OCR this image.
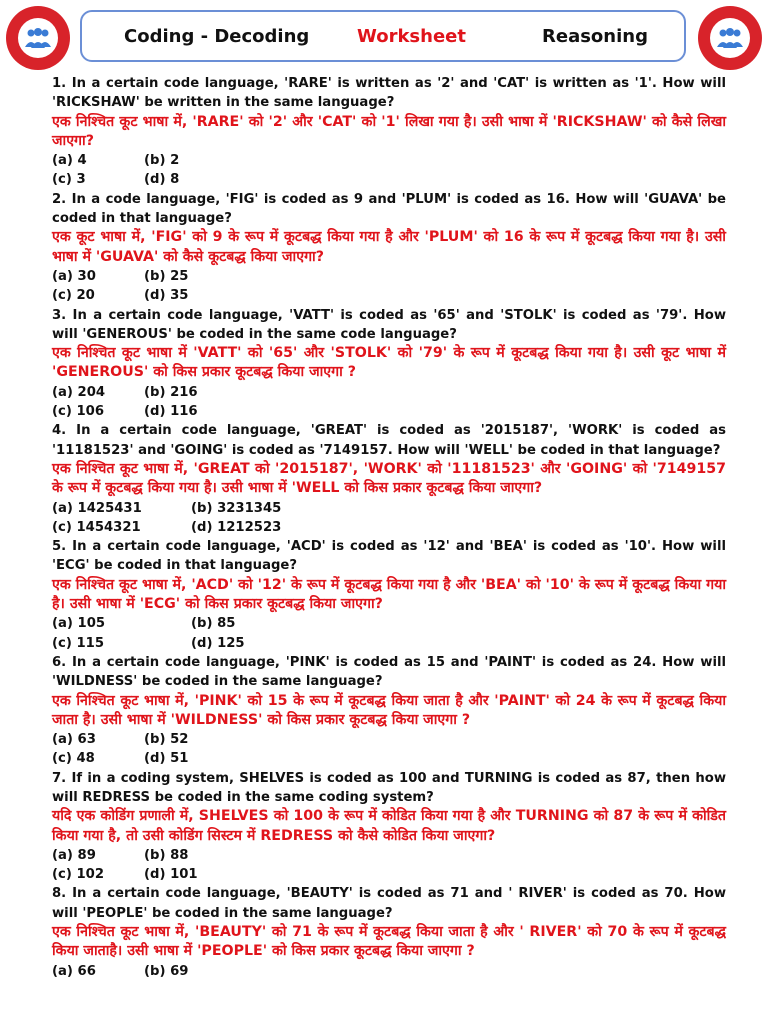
Coding - Decoding	Worksheet	Reasoning

1. In a certain code language, 'RARE' is written as '2' and 'CAT' is written as '1'. How will 'RICKSHAW' be written in the same language?

एक निश्चित कूट भाषा में, 'RARE' को '2' और 'CAT' को '1' लिखा गया है। उसी भाषा में 'RICKSHAW' को कैसे लिखा जाएगा?

(a) 4	(b) 2
(c) 3	(d) 8

2. In a code language, 'FIG' is coded as 9 and 'PLUM' is coded as 16. How will 'GUAVA' be coded in that language?

एक कूट भाषा में, 'FIG' को 9 के रूप में कूटबद्ध किया गया है और 'PLUM' को 16 के रूप में कूटबद्ध किया गया है। उसी भाषा में 'GUAVA' को कैसे कूटबद्ध किया जाएगा?

(a) 30	(b) 25
(c) 20	(d) 35

3. In a certain code language, 'VATT' is coded as '65' and 'STOLK' is coded as '79'. How will 'GENEROUS' be coded in the same code language?

एक निश्चित कूट भाषा में 'VATT' को '65' और 'STOLK' को '79' के रूप में कूटबद्ध किया गया है। उसी कूट भाषा में 'GENEROUS' को किस प्रकार कूटबद्ध किया जाएगा ?

(a) 204	(b) 216
(c) 106	(d) 116

4. In a certain code language, 'GREAT' is coded as '2015187', 'WORK' is coded as '11181523' and 'GOING' is coded as '7149157. How will 'WELL' be coded in that language?

एक निश्चित कूट भाषा में, 'GREAT को '2015187', 'WORK' को '11181523' और 'GOING' को '7149157 के रूप में कूटबद्ध किया गया है। उसी भाषा में 'WELL को किस प्रकार कूटबद्ध किया जाएगा?

(a) 1425431	(b) 3231345
(c) 1454321	(d) 1212523

5. In a certain code language, 'ACD' is coded as '12' and 'BEA' is coded as '10'. How will 'ECG' be coded in that language?

एक निश्चित कूट भाषा में, 'ACD' को '12' के रूप में कूटबद्ध किया गया है और 'BEA' को '10' के रूप में कूटबद्ध किया गया है। उसी भाषा में 'ECG' को किस प्रकार कूटबद्ध किया जाएगा?

(a) 105	(b) 85
(c) 115	(d) 125

6. In a certain code language, 'PINK' is coded as 15 and 'PAINT' is coded as 24. How will 'WILDNESS' be coded in the same language?

एक निश्चित कूट भाषा में, 'PINK' को 15 के रूप में कूटबद्ध किया जाता है और 'PAINT' को 24 के रूप में कूटबद्ध किया जाता है। उसी भाषा में 'WILDNESS' को किस प्रकार कूटबद्ध किया जाएगा ?

(a) 63	(b) 52
(c) 48	(d) 51

7. If in a coding system, SHELVES is coded as 100 and TURNING is coded as 87, then how will REDRESS be coded in the same coding system?

यदि एक कोडिंग प्रणाली में, SHELVES को 100 के रूप में कोडित किया गया है और TURNING को 87 के रूप में कोडित किया गया है, तो उसी कोडिंग सिस्टम में REDRESS को कैसे कोडित किया जाएगा?

(a) 89	(b) 88
(c) 102	(d) 101

8. In a certain code language, 'BEAUTY' is coded as 71 and ' RIVER' is coded as 70. How will 'PEOPLE' be coded in the same language?

एक निश्चित कूट भाषा में, 'BEAUTY' को 71 के रूप में कूटबद्ध किया जाता है और ' RIVER' को 70 के रूप में कूटबद्ध किया जाताहै। उसी भाषा में 'PEOPLE' को किस प्रकार कूटबद्ध किया जाएगा ?

(a) 66	(b) 69
